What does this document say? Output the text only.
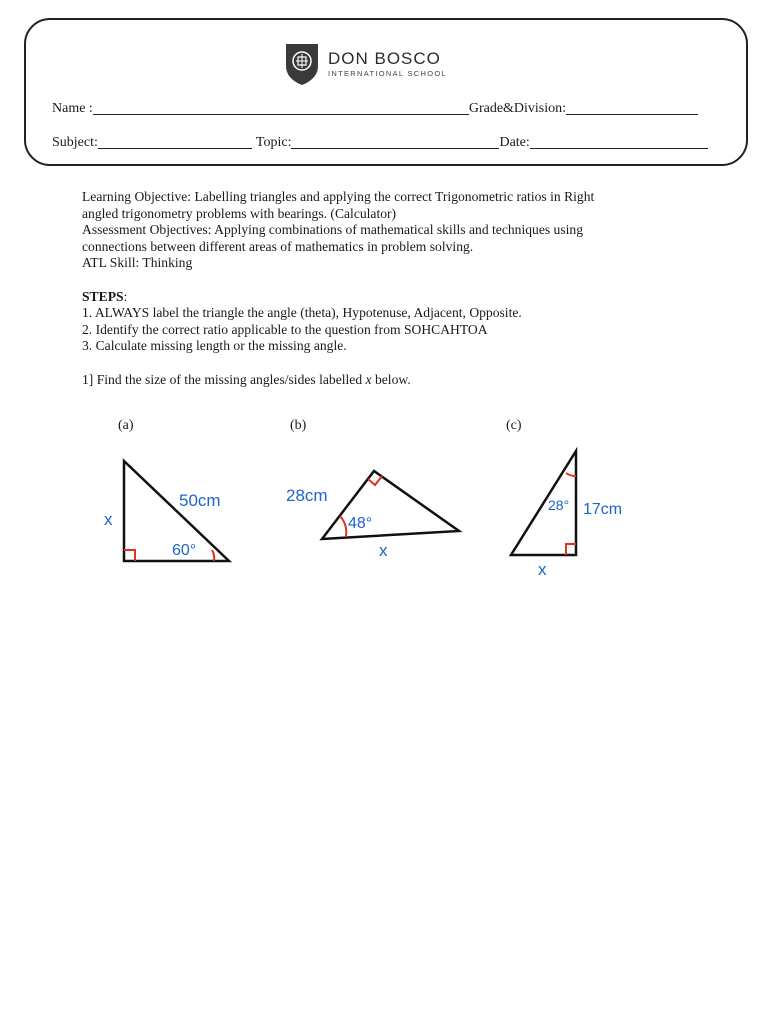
DON BOSCO
INTERNATIONAL SCHOOL
Name :	Grade&Division:
Subject:	Topic:	Date:

Learning Objective: Labelling triangles and applying the correct Trigonometric ratios in Right

angled trigonometry problems with bearings. (Calculator)

Assessment Objectives: Applying combinations of mathematical skills and techniques using

connections between different areas of mathematics in problem solving.

ATL Skill: Thinking

STEPS:

1. ALWAYS label the triangle the angle (theta), Hypotenuse, Adjacent, Opposite.

2. Identify the correct ratio applicable to the question from SOHCAHTOA

3. Calculate missing length or the missing angle.

1] Find the size of the missing angles/sides labelled x below.

(a)	(b)	(c)
50cm
60°
x
28cm
48°
x
17cm
28°
x
